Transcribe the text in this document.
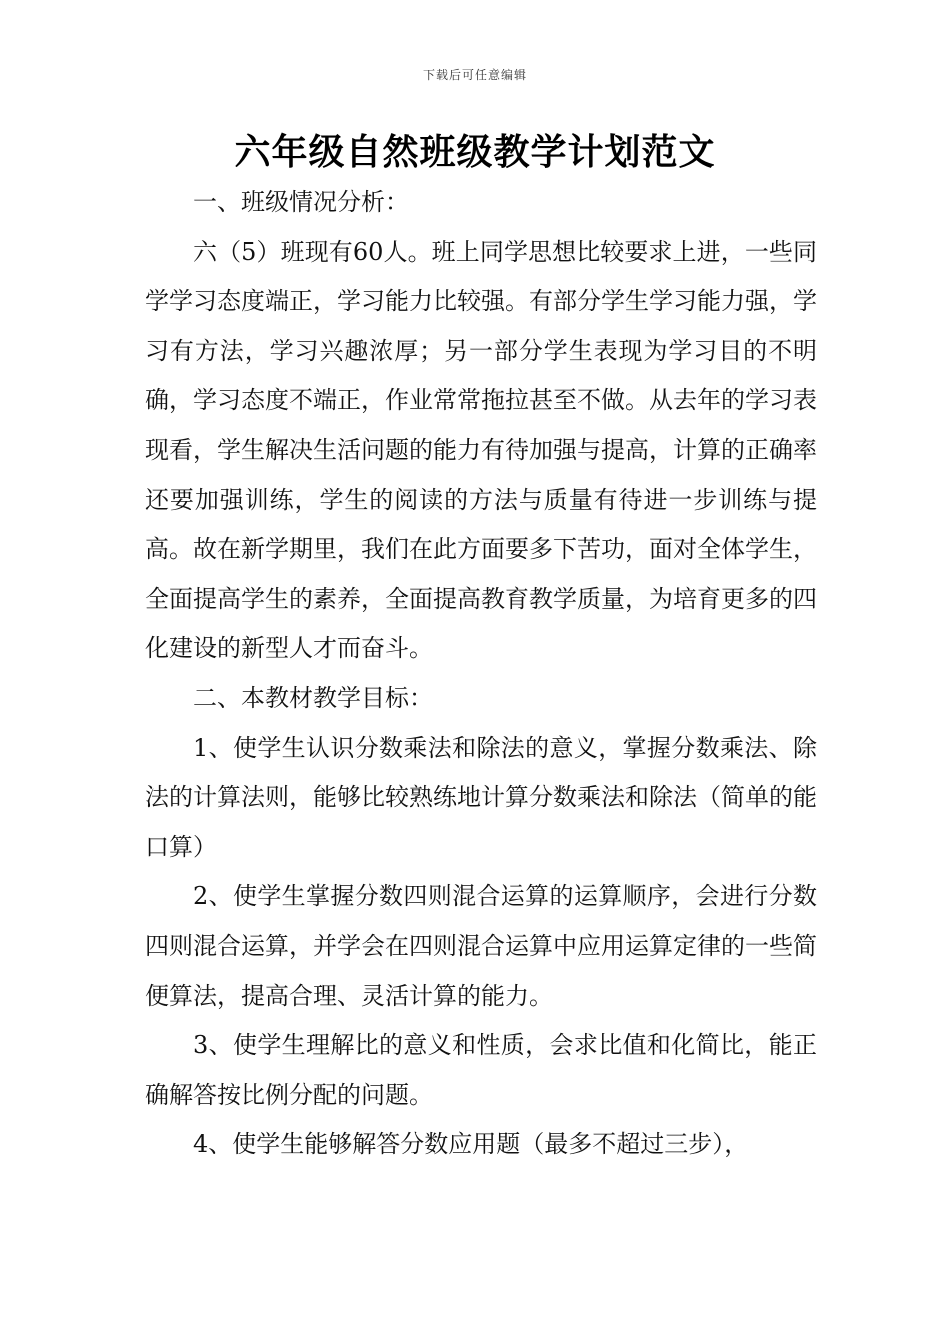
下载后可任意编辑
六年级自然班级教学计划范文

一、班级情况分析：

六（5）班现有60人。班上同学思想比较要求上进，一些同学学习态度端正，学习能力比较强。有部分学生学习能力强，学习有方法，学习兴趣浓厚；另一部分学生表现为学习目的不明确，学习态度不端正，作业常常拖拉甚至不做。从去年的学习表现看，学生解决生活问题的能力有待加强与提高，计算的正确率还要加强训练，学生的阅读的方法与质量有待进一步训练与提高。故在新学期里，我们在此方面要多下苦功，面对全体学生，全面提高学生的素养，全面提高教育教学质量，为培育更多的四化建设的新型人才而奋斗。

二、本教材教学目标：

1、使学生认识分数乘法和除法的意义，掌握分数乘法、除法的计算法则，能够比较熟练地计算分数乘法和除法（简单的能口算）

2、使学生掌握分数四则混合运算的运算顺序，会进行分数四则混合运算，并学会在四则混合运算中应用运算定律的一些简便算法，提高合理、灵活计算的能力。

3、使学生理解比的意义和性质，会求比值和化简比，能正确解答按比例分配的问题。

4、使学生能够解答分数应用题（最多不超过三步），
